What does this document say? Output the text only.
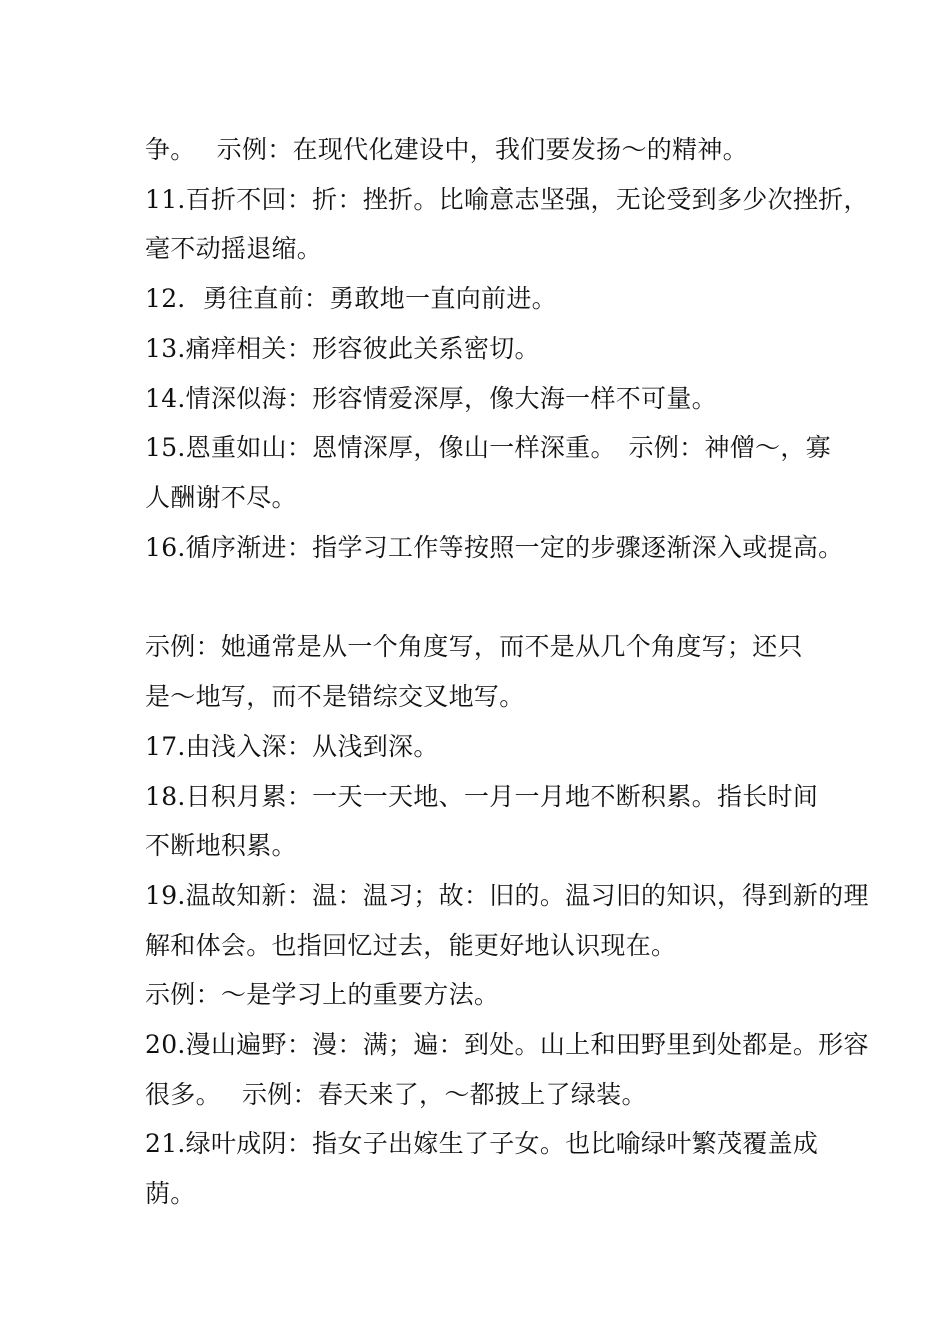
争。　 示例：在现代化建设中，我们要发扬～的精神。
11.百折不回：折：挫折。比喻意志坚强，无论受到多少次挫折，
毫不动摇退缩。
12．勇往直前：勇敢地一直向前进。
13.痛痒相关：形容彼此关系密切。
14.情深似海：形容情爱深厚，像大海一样不可量。
15.恩重如山：恩情深厚，像山一样深重。　示例：神僧～，寡
人酬谢不尽。
16.循序渐进：指学习工作等按照一定的步骤逐渐深入或提高。
示例：她通常是从一个角度写，而不是从几个角度写；还只
是～地写，而不是错综交叉地写。
17.由浅入深：从浅到深。
18.日积月累：一天一天地、一月一月地不断积累。指长时间
不断地积累。
19.温故知新：温：温习；故：旧的。温习旧的知识，得到新的理
解和体会。也指回忆过去，能更好地认识现在。
示例：～是学习上的重要方法。
20.漫山遍野：漫：满；遍：到处。山上和田野里到处都是。形容
很多。　 示例：春天来了，～都披上了绿装。
21.绿叶成阴：指女子出嫁生了子女。也比喻绿叶繁茂覆盖成
荫。
